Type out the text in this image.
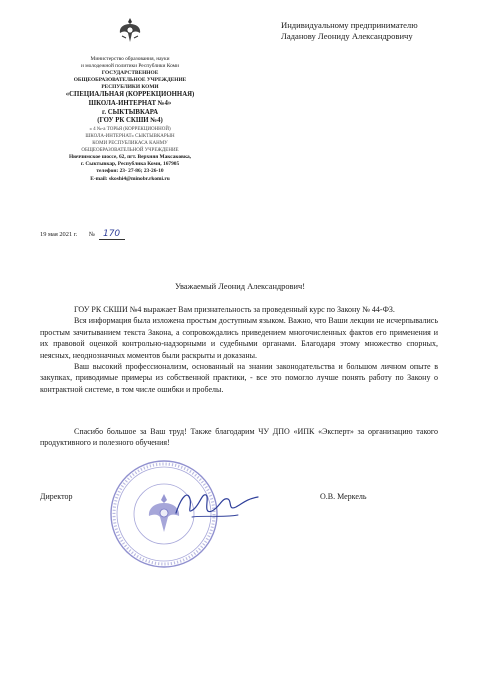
Индивидуальному предпринимателю
Ладанову Леониду Александровичу
Министерство образования, науки
и молодежной политики Республики Коми
ГОСУДАРСТВЕННОЕ
ОБЩЕОБРАЗОВАТЕЛЬНОЕ УЧРЕЖДЕНИЕ
РЕСПУБЛИКИ КОМИ
«СПЕЦИАЛЬНАЯ (КОРРЕКЦИОННАЯ)
ШКОЛА-ИНТЕРНАТ №4»
г. СЫКТЫВКАРА
(ГОУ РК СКШИ №4)
« 4 №-а ТОРЬЯ (КОРРЕКЦИОННОЙ)
ШКОЛА-ИНТЕРНАТ» СЫКТЫВКАРЫН
КОМИ РЕСПУБЛИКАСА КАНМУ
ОБЩЕОБРАЗОВАТЕЛЬНОЙ УЧРЕЖДЕНИЕ
Нюччимское шоссе, 62, пгт. Верхняя Максаковка,
г. Сыктывкар, Республика Коми, 167905
телефон: 23- 27-86; 23-26-10
E-mail: skoshi4@minobr.rkomi.ru
19 мая 2021 г. № 170
Уважаемый Леонид Александрович!

ГОУ РК СКШИ №4 выражает Вам признательность за проведенный курс по Закону № 44-ФЗ.

Вся информация была изложена простым доступным языком. Важно, что Ваши лекции не исчерпывались простым зачитыванием текста Закона, а сопровождались приведением многочисленных фактов его применения и их правовой оценкой контрольно-надзорными и судебными органами. Благодаря этому множество спорных, неясных, неоднозначных моментов были раскрыты и доказаны.

Ваш высокий профессионализм, основанный на знании законодательства и большом личном опыте в закупках, приводимые примеры из собственной практики, - все это помогло лучше понять работу по Закону о контрактной системе, в том числе ошибки и пробелы.

Спасибо большое за Ваш труд! Также благодарим ЧУ ДПО «ИПК «Эксперт» за организацию такого продуктивного и полезного обучения!
Директор	О.В. Меркель
